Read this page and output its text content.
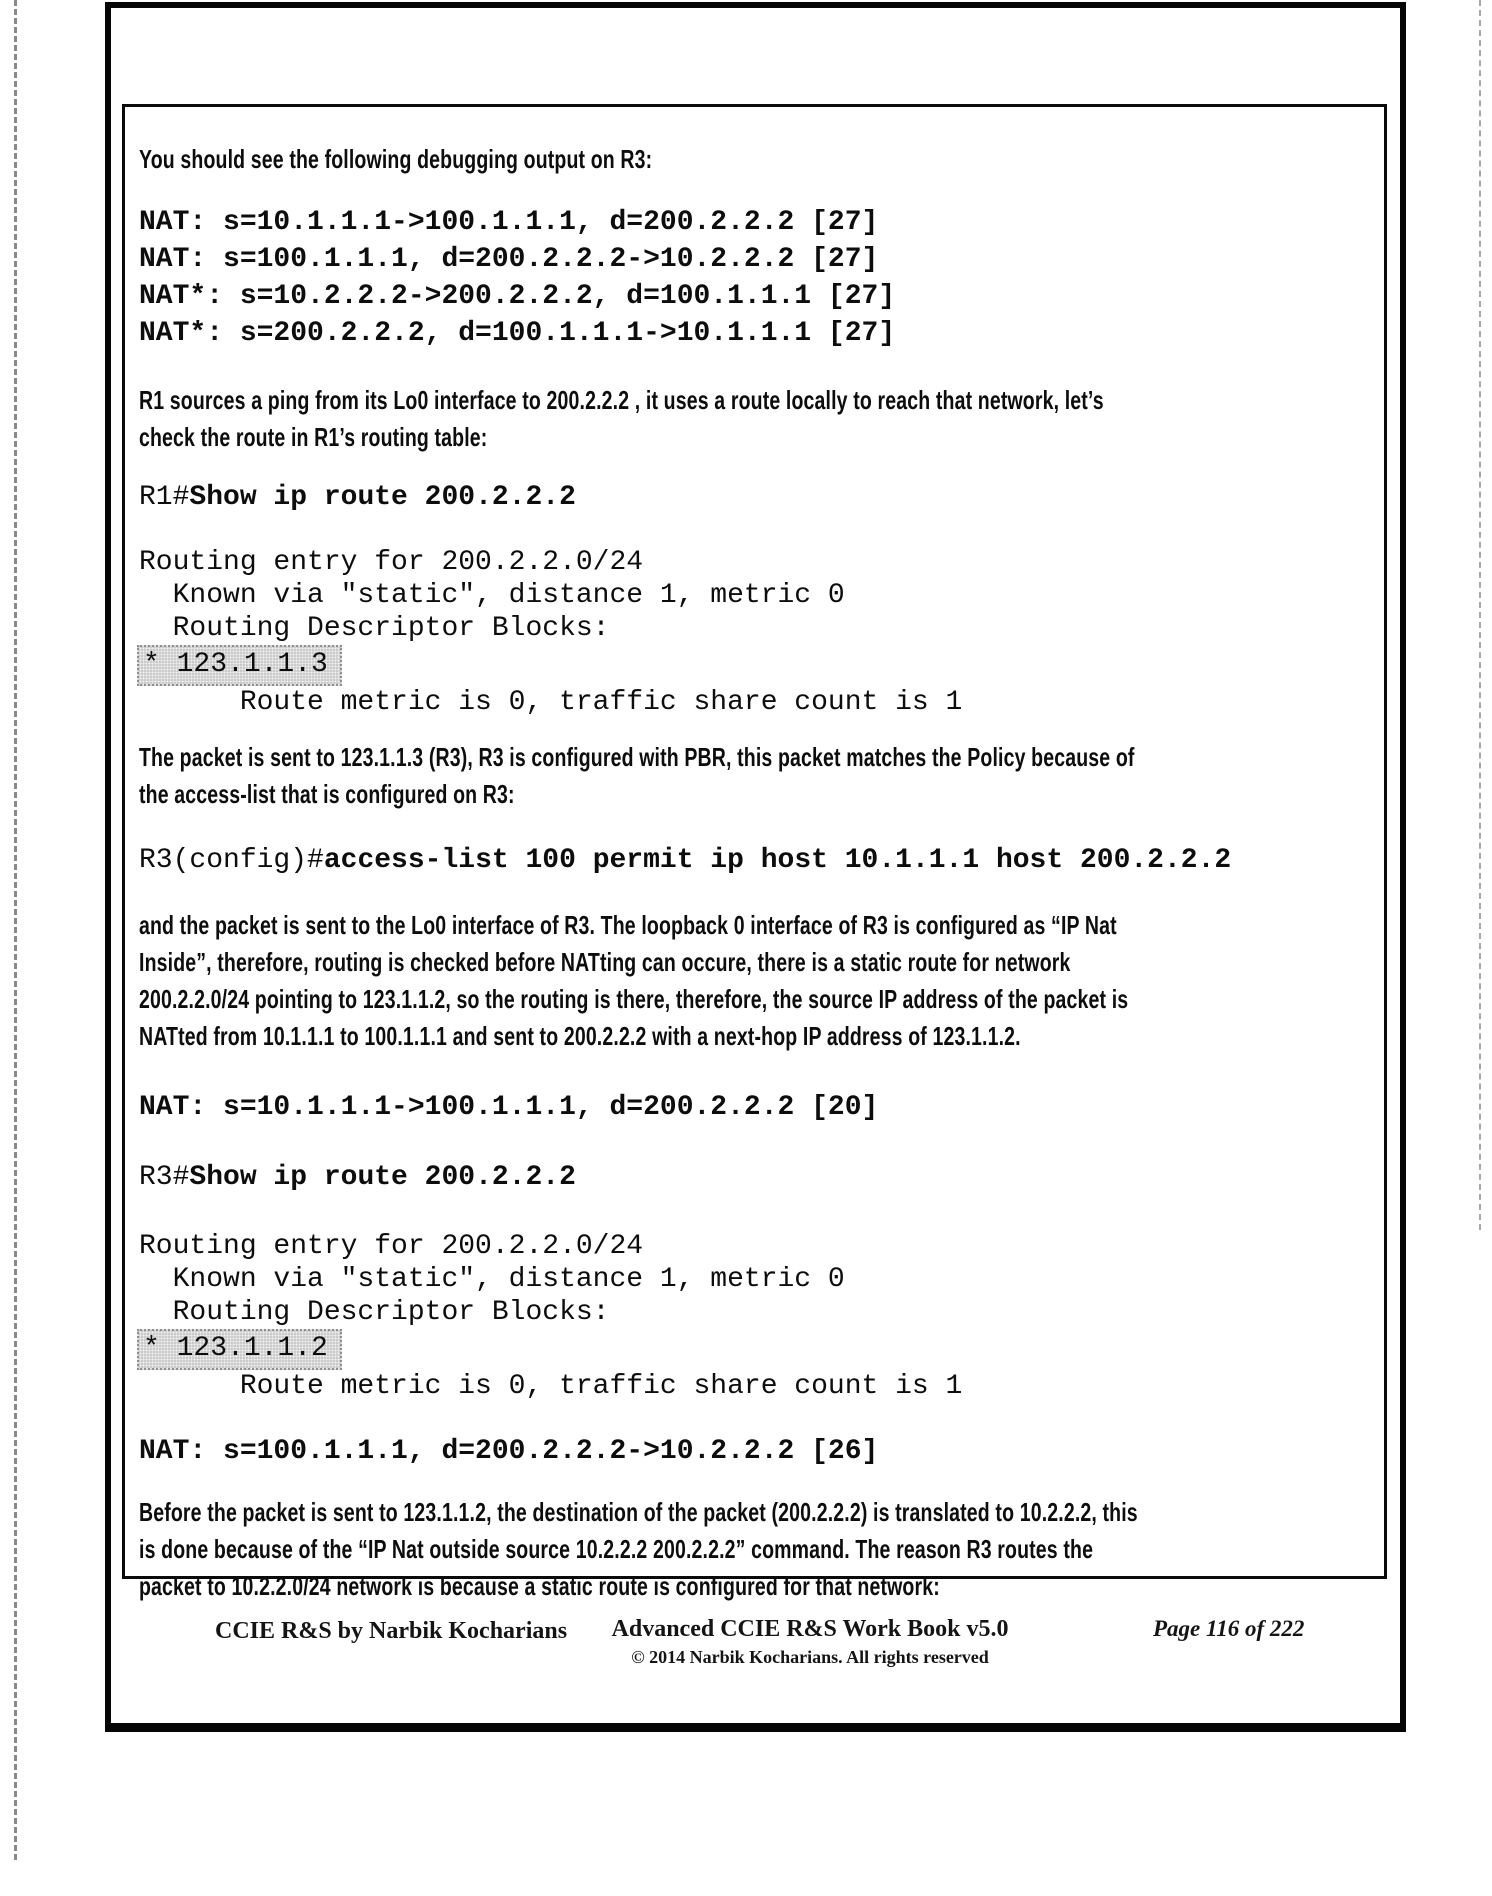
You should see the following debugging output on R3:

NAT: s=10.1.1.1->100.1.1.1, d=200.2.2.2 [27]
NAT: s=100.1.1.1, d=200.2.2.2->10.2.2.2 [27]
NAT*: s=10.2.2.2->200.2.2.2, d=100.1.1.1 [27]
NAT*: s=200.2.2.2, d=100.1.1.1->10.1.1.1 [27]

R1 sources a ping from its Lo0 interface to 200.2.2.2 , it uses a route locally to reach that network, let’s
check the route in R1’s routing table:

R1#Show ip route 200.2.2.2
Routing entry for 200.2.2.0/24
Known via "static", distance 1, metric 0
Routing Descriptor Blocks:
* 123.1.1.3
Route metric is 0, traffic share count is 1

The packet is sent to 123.1.1.3 (R3), R3 is configured with PBR, this packet matches the Policy because of
the access-list that is configured on R3:

R3(config)#access-list 100 permit ip host 10.1.1.1 host 200.2.2.2

and the packet is sent to the Lo0 interface of R3. The loopback 0 interface of R3 is configured as “IP Nat
Inside”, therefore, routing is checked before NATting can occure, there is a static route for network
200.2.2.0/24 pointing to 123.1.1.2, so the routing is there, therefore, the source IP address of the packet is
NATted from 10.1.1.1 to 100.1.1.1 and sent to 200.2.2.2 with a next-hop IP address of 123.1.1.2.

NAT: s=10.1.1.1->100.1.1.1, d=200.2.2.2 [20]
R3#Show ip route 200.2.2.2
Routing entry for 200.2.2.0/24
Known via "static", distance 1, metric 0
Routing Descriptor Blocks:
* 123.1.1.2
Route metric is 0, traffic share count is 1
NAT: s=100.1.1.1, d=200.2.2.2->10.2.2.2 [26]

Before the packet is sent to 123.1.1.2, the destination of the packet (200.2.2.2) is translated to 10.2.2.2, this
is done because of the “IP Nat outside source 10.2.2.2 200.2.2.2” command. The reason R3 routes the
packet to 10.2.2.0/24 network is because a static route is configured for that network:

CCIE R&S by Narbik Kocharians Advanced CCIE R&S Work Book v5.0
© 2014 Narbik Kocharians. All rights reserved
Page 116 of 222
